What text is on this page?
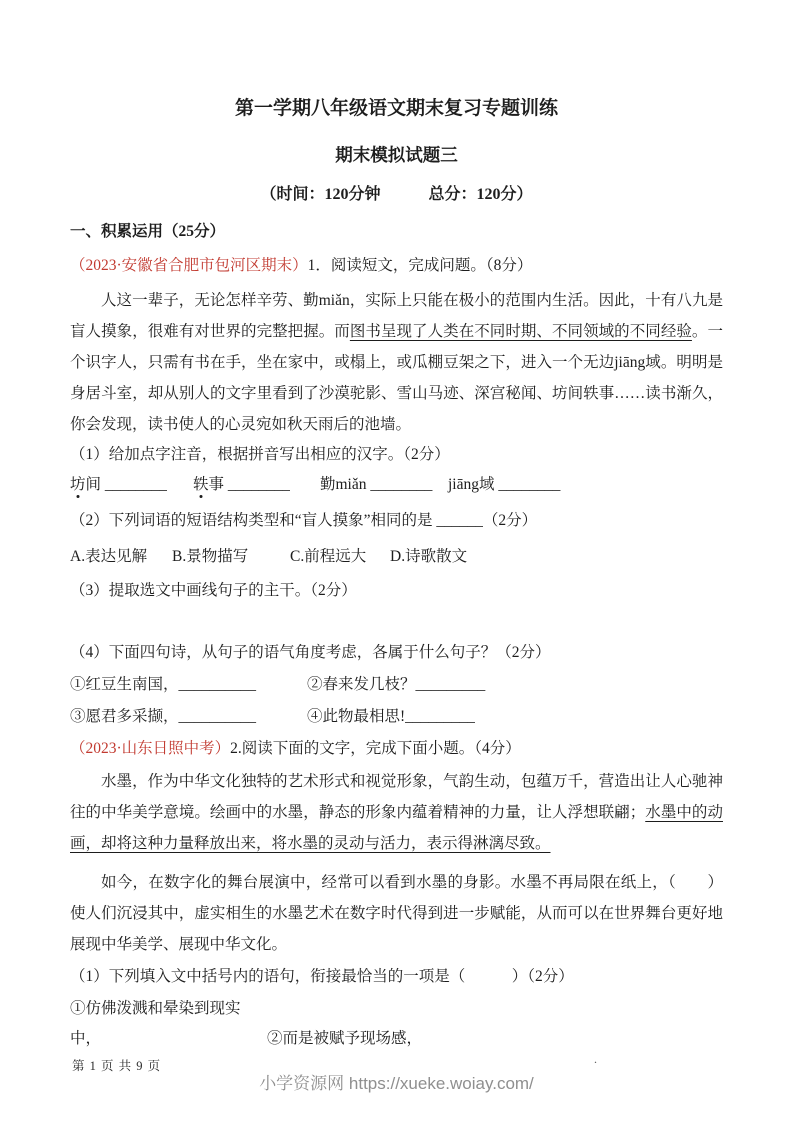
第一学期八年级语文期末复习专题训练
期末模拟试题三
（时间：120分钟　　　总分：120分）
一、积累运用（25分）

（2023·安徽省合肥市包河区期末）1．阅读短文，完成问题。（8分）

人这一辈子，无论怎样辛劳、勤miǎn，实际上只能在极小的范围内生活。因此，十有八九是盲人摸象，很难有对世界的完整把握。而图书呈现了人类在不同时期、不同领域的不同经验。一个识字人，只需有书在手，坐在家中，或榻上，或瓜棚豆架之下，进入一个无边jiāng域。明明是身居斗室，却从别人的文字里看到了沙漠驼影、雪山马迹、深宫秘闻、坊间轶事……读书渐久，你会发现，读书使人的心灵宛如秋天雨后的池墙。

（1）给加点字注音，根据拼音写出相应的汉字。（2分）

坊间 ________ 轶事 ________ 勤miǎn ________ jiāng域 ________

（2）下列词语的短语结构类型和“盲人摸象”相同的是 ______（2分）

A.表达见解 B.景物描写	C.前程远大 D.诗歌散文

（3）提取选文中画线句子的主干。（2分）

（4）下面四句诗，从句子的语气角度考虑，各属于什么句子？（2分）

①红豆生南国，__________	②春来发几枝？_________
③愿君多采撷，__________	④此物最相思!_________

（2023·山东日照中考）2.阅读下面的文字，完成下面小题。（4分）

水墨，作为中华文化独特的艺术形式和视觉形象，气韵生动，包蕴万千，营造出让人心驰神往的中华美学意境。绘画中的水墨，静态的形象内蕴着精神的力量，让人浮想联翩；水墨中的动画，却将这种力量释放出来，将水墨的灵动与活力，表示得淋漓尽致。

如今，在数字化的舞台展演中，经常可以看到水墨的身影。水墨不再局限在纸上，（　　）使人们沉浸其中，虚实相生的水墨艺术在数字时代得到进一步赋能，从而可以在世界舞台更好地展现中华美学、展现中华文化。

（1）下列填入文中括号内的语句，衔接最恰当的一项是（　　　）（2分）

①仿佛泼溅和晕染到现实中，	②而是被赋予现场感，
第 1 页 共 9 页
小学资源网 https://xueke.woiay.com/
.
